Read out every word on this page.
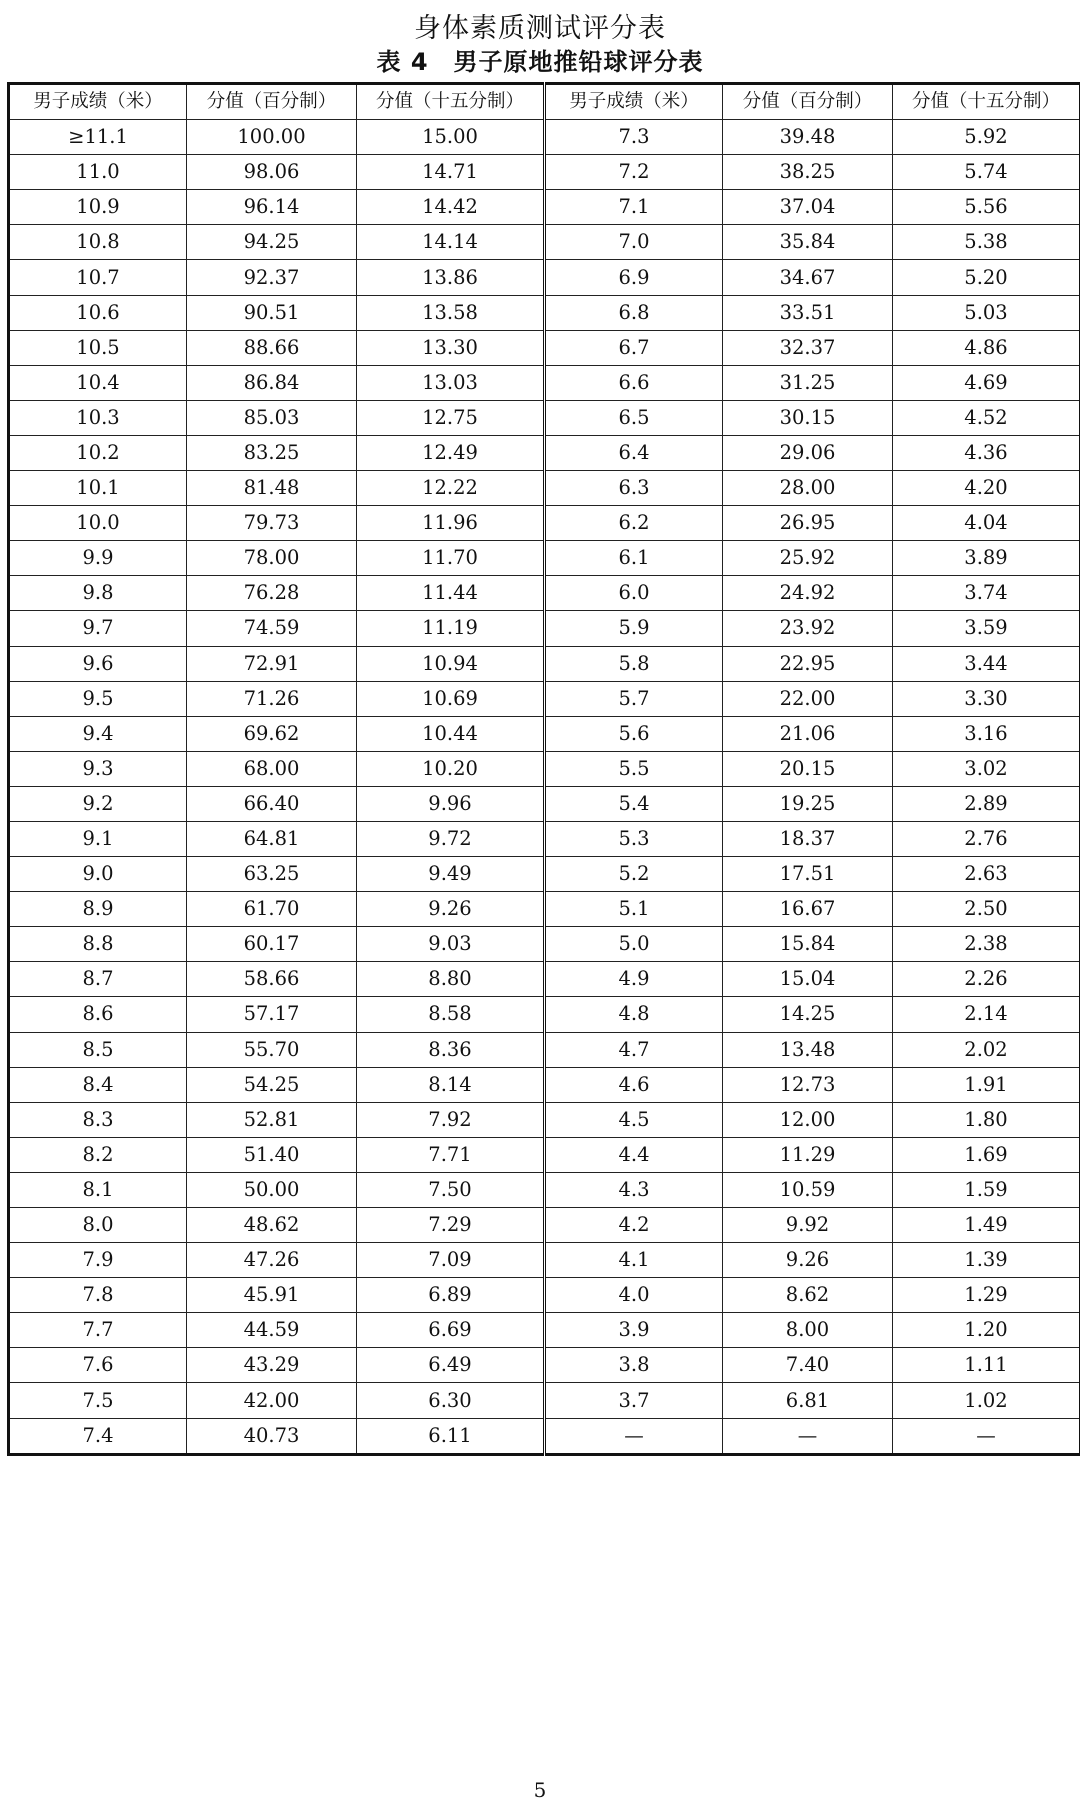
身体素质测试评分表
表 4　男子原地推铅球评分表
男子成绩（米）	分值（百分制）	分值（十五分制）	男子成绩（米）	分值（百分制）	分值（十五分制）
≥11.1	100.00	15.00	7.3	39.48	5.92
11.0	98.06	14.71	7.2	38.25	5.74
10.9	96.14	14.42	7.1	37.04	5.56
10.8	94.25	14.14	7.0	35.84	5.38
10.7	92.37	13.86	6.9	34.67	5.20
10.6	90.51	13.58	6.8	33.51	5.03
10.5	88.66	13.30	6.7	32.37	4.86
10.4	86.84	13.03	6.6	31.25	4.69
10.3	85.03	12.75	6.5	30.15	4.52
10.2	83.25	12.49	6.4	29.06	4.36
10.1	81.48	12.22	6.3	28.00	4.20
10.0	79.73	11.96	6.2	26.95	4.04
9.9	78.00	11.70	6.1	25.92	3.89
9.8	76.28	11.44	6.0	24.92	3.74
9.7	74.59	11.19	5.9	23.92	3.59
9.6	72.91	10.94	5.8	22.95	3.44
9.5	71.26	10.69	5.7	22.00	3.30
9.4	69.62	10.44	5.6	21.06	3.16
9.3	68.00	10.20	5.5	20.15	3.02
9.2	66.40	9.96	5.4	19.25	2.89
9.1	64.81	9.72	5.3	18.37	2.76
9.0	63.25	9.49	5.2	17.51	2.63
8.9	61.70	9.26	5.1	16.67	2.50
8.8	60.17	9.03	5.0	15.84	2.38
8.7	58.66	8.80	4.9	15.04	2.26
8.6	57.17	8.58	4.8	14.25	2.14
8.5	55.70	8.36	4.7	13.48	2.02
8.4	54.25	8.14	4.6	12.73	1.91
8.3	52.81	7.92	4.5	12.00	1.80
8.2	51.40	7.71	4.4	11.29	1.69
8.1	50.00	7.50	4.3	10.59	1.59
8.0	48.62	7.29	4.2	9.92	1.49
7.9	47.26	7.09	4.1	9.26	1.39
7.8	45.91	6.89	4.0	8.62	1.29
7.7	44.59	6.69	3.9	8.00	1.20
7.6	43.29	6.49	3.8	7.40	1.11
7.5	42.00	6.30	3.7	6.81	1.02
7.4	40.73	6.11	—	—	—
5
